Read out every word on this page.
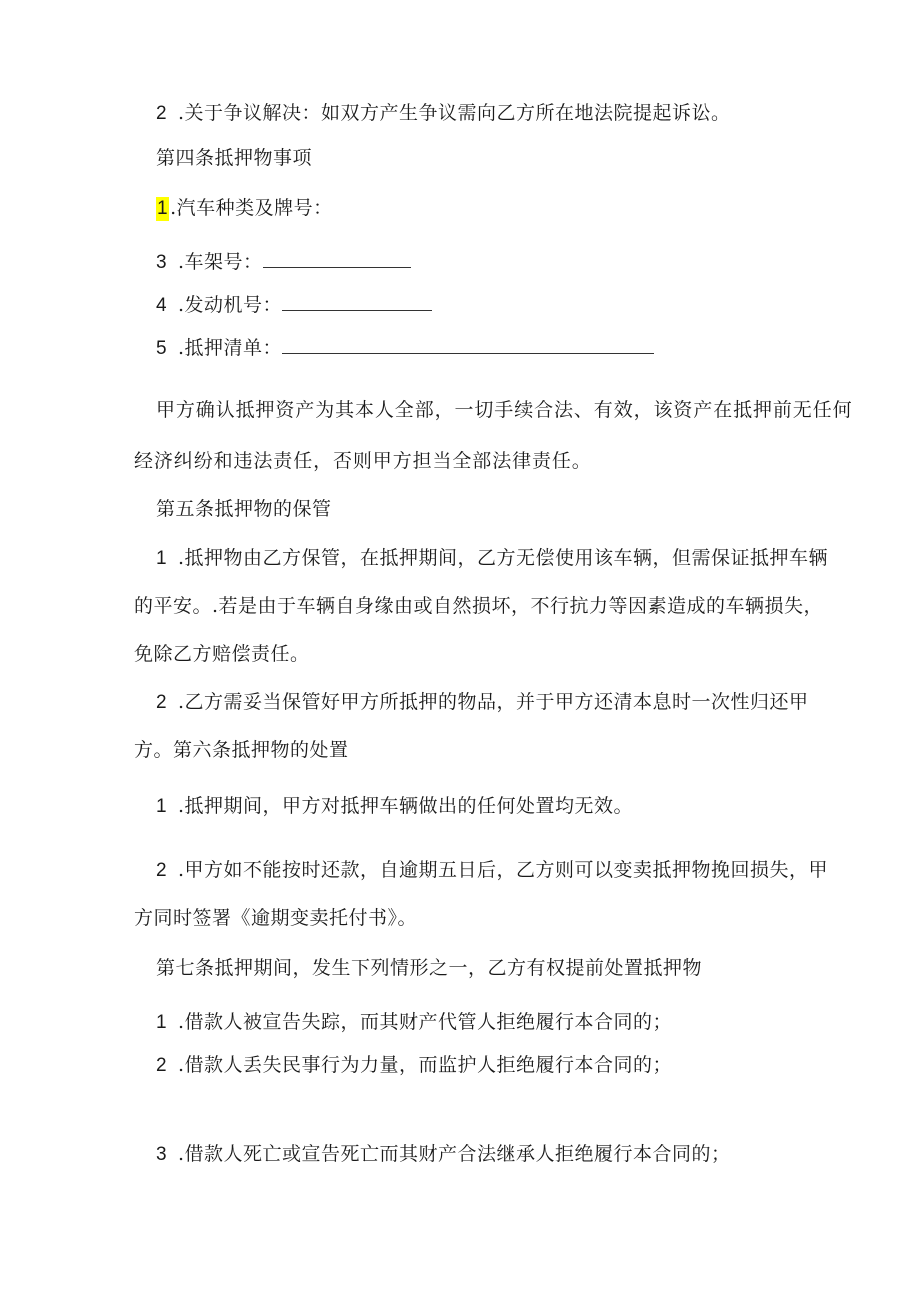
2 .关于争议解决：如双方产生争议需向乙方所在地法院提起诉讼。
第四条抵押物事项
1 .汽车种类及牌号：
3 .车架号：
4 .发动机号：
5 .抵押清单：
甲方确认抵押资产为其本人全部，一切手续合法、有效，该资产在抵押前无任何
经济纠纷和违法责任，否则甲方担当全部法律责任。
第五条抵押物的保管
1 .抵押物由乙方保管，在抵押期间，乙方无偿使用该车辆，但需保证抵押车辆
的平安。.若是由于车辆自身缘由或自然损坏，不行抗力等因素造成的车辆损失，
免除乙方赔偿责任。
2 .乙方需妥当保管好甲方所抵押的物品，并于甲方还清本息时一次性归还甲
方。第六条抵押物的处置
1 .抵押期间，甲方对抵押车辆做出的任何处置均无效。
2 .甲方如不能按时还款，自逾期五日后，乙方则可以变卖抵押物挽回损失，甲
方同时签署《逾期变卖托付书》。
第七条抵押期间，发生下列情形之一，乙方有权提前处置抵押物
1 .借款人被宣告失踪，而其财产代管人拒绝履行本合同的；
2 .借款人丢失民事行为力量，而监护人拒绝履行本合同的；
3 .借款人死亡或宣告死亡而其财产合法继承人拒绝履行本合同的；
